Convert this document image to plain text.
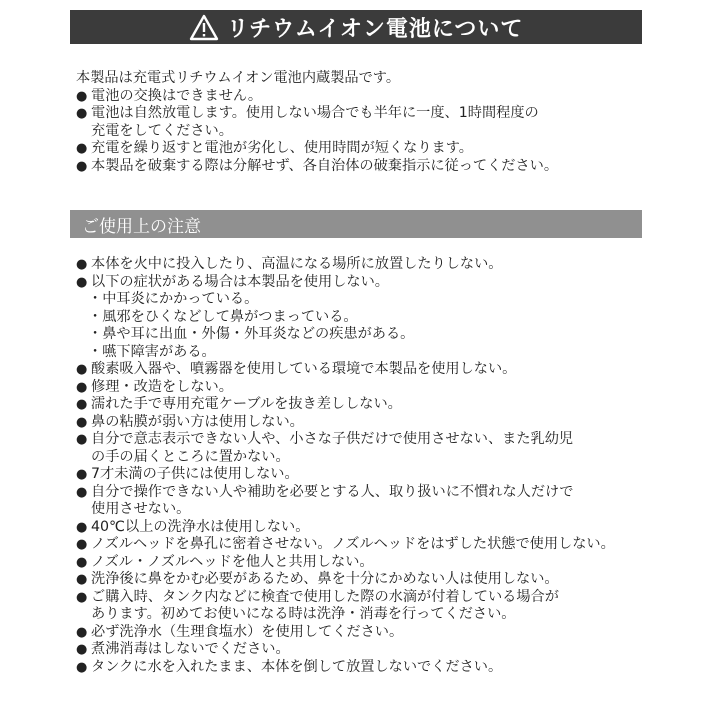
リチウムイオン電池について
本製品は充電式リチウムイオン電池内蔵製品です。
● 電池の交換はできません。
● 電池は自然放電します。使用しない場合でも半年に一度、1時間程度の
充電をしてください。
● 充電を繰り返すと電池が劣化し、使用時間が短くなります。
● 本製品を破棄する際は分解せず、各自治体の破棄指示に従ってください。
ご使用上の注意
● 本体を火中に投入したり、高温になる場所に放置したりしない。
● 以下の症状がある場合は本製品を使用しない。
・中耳炎にかかっている。
・風邪をひくなどして鼻がつまっている。
・鼻や耳に出血・外傷・外耳炎などの疾患がある。
・嚥下障害がある。
● 酸素吸入器や、噴霧器を使用している環境で本製品を使用しない。
● 修理・改造をしない。
● 濡れた手で専用充電ケーブルを抜き差ししない。
● 鼻の粘膜が弱い方は使用しない。
● 自分で意志表示できない人や、小さな子供だけで使用させない、また乳幼児
の手の届くところに置かない。
● 7才未満の子供には使用しない。
● 自分で操作できない人や補助を必要とする人、取り扱いに不慣れな人だけで
使用させない。
● 40℃以上の洗浄水は使用しない。
● ノズルヘッドを鼻孔に密着させない。ノズルヘッドをはずした状態で使用しない。
● ノズル・ノズルヘッドを他人と共用しない。
● 洗浄後に鼻をかむ必要があるため、鼻を十分にかめない人は使用しない。
● ご購入時、タンク内などに検査で使用した際の水滴が付着している場合が
あります。初めてお使いになる時は洗浄・消毒を行ってください。
● 必ず洗浄水（生理食塩水）を使用してください。
● 煮沸消毒はしないでください。
● タンクに水を入れたまま、本体を倒して放置しないでください。
